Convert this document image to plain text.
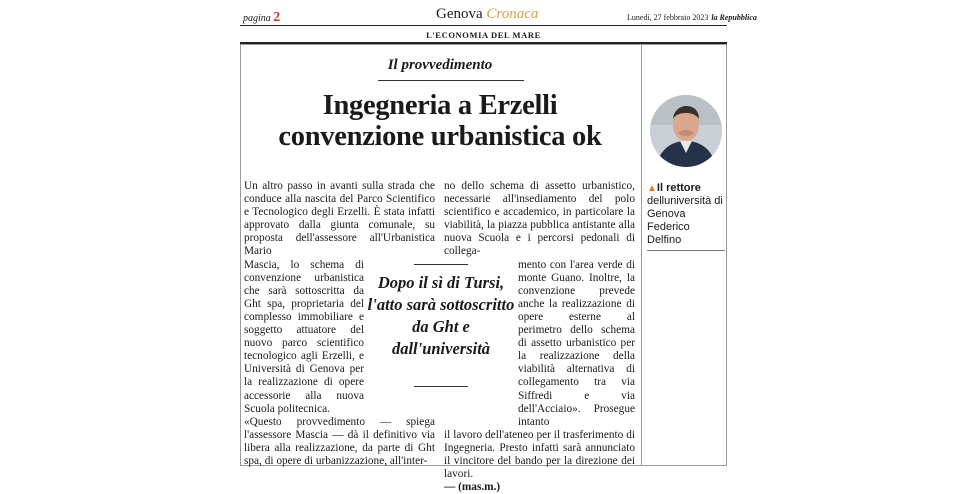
pagina 2	Genova Cronaca	Lunedì, 27 febbraio 2023 la Repubblica
L'ECONOMIA DEL MARE
Il provvedimento
Ingegneria a Erzelli
convenzione urbanistica ok

Un altro passo in avanti sulla strada che conduce alla nascita del Parco Scientifico e Tecnologico degli Erzelli. È stata infatti approvato dalla giunta comunale, su proposta dell'assessore all'Urbanistica Mario

Mascia, lo schema di convenzione urbanistica che sarà sottoscritta da Ght spa, proprietaria del complesso immobiliare e soggetto attuatore del nuovo parco scientifico tecnologico agli Erzelli, e Università di Genova per la realizzazione di opere accessorie alla nuova Scuola politecnica.

«Questo provvedimento — spiega l'assessore Mascia — dà il definitivo via libera alla realizzazione, da parte di Ght spa, di opere di urbanizzazione, all'inter-

no dello schema di assetto urbanistico, necessarie all'insediamento del polo scientifico e accademico, in particolare la viabilità, la piazza pubblica antistante alla nuova Scuola e i percorsi pedonali di collega-

mento con l'area verde di monte Guano. Inoltre, la convenzione prevede anche la realizzazione di opere esterne al perimetro dello schema di assetto urbanistico per la realizzazione della viabilità alternativa di collegamento tra via Siffredi e via dell'Acciaio». Prosegue intanto

il lavoro dell'ateneo per il trasferimento di Ingegneria. Presto infatti sarà annunciato il vincitore del bando per la direzione dei lavori.

— (mas.m.)

Dopo il sì di Tursi, l'atto sarà sottoscritto da Ght e dall'università
▲Il rettore delluniversità di Genova Federico Delfino
